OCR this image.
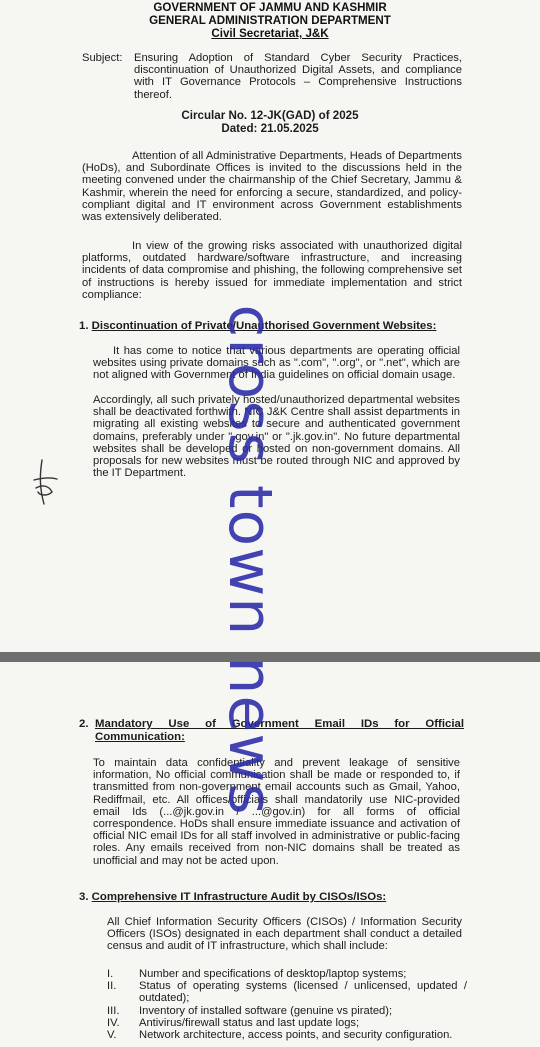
GOVERNMENT OF JAMMU AND KASHMIR
GENERAL ADMINISTRATION DEPARTMENT
Civil Secretariat, J&K
Subject: Ensuring Adoption of Standard Cyber Security Practices, discontinuation of Unauthorized Digital Assets, and compliance with IT Governance Protocols – Comprehensive Instructions thereof.
Circular No. 12-JK(GAD) of 2025
Dated: 21.05.2025
Attention of all Administrative Departments, Heads of Departments (HoDs), and Subordinate Offices is invited to the discussions held in the meeting convened under the chairmanship of the Chief Secretary, Jammu & Kashmir, wherein the need for enforcing a secure, standardized, and policy-compliant digital and IT environment across Government establishments was extensively deliberated.
In view of the growing risks associated with unauthorized digital platforms, outdated hardware/software infrastructure, and increasing incidents of data compromise and phishing, the following comprehensive set of instructions is hereby issued for immediate implementation and strict compliance:
1. Discontinuation of Private/Unauthorised Government Websites:
It has come to notice that various departments are operating official websites using private domains such as ".com", ".org", or ".net", which are not aligned with Government of India guidelines on official domain usage.
Accordingly, all such privately hosted/unauthorized departmental websites shall be deactivated forthwith. NIC J&K Centre shall assist departments in migrating all existing websites to secure and authenticated government domains, preferably under ".gov.in" or ".jk.gov.in". No future departmental websites shall be developed or hosted on non-government domains. All proposals for new websites must be routed through NIC and approved by the IT Department.
2. Mandatory Use of Government Email IDs for Official Communication:
To maintain data confidentiality and prevent leakage of sensitive information, No official communication shall be made or responded to, if transmitted from non-government email accounts such as Gmail, Yahoo, Rediffmail, etc. All offices/officials shall mandatorily use NIC-provided email Ids (...@jk.gov.in / ...@gov.in) for all forms of official correspondence. HoDs shall ensure immediate issuance and activation of official NIC email IDs for all staff involved in administrative or public-facing roles. Any emails received from non-NIC domains shall be treated as unofficial and may not be acted upon.
3. Comprehensive IT Infrastructure Audit by CISOs/ISOs:
All Chief Information Security Officers (CISOs) / Information Security Officers (ISOs) designated in each department shall conduct a detailed census and audit of IT infrastructure, which shall include:
I.	Number and specifications of desktop/laptop systems;
II.	Status of operating systems (licensed / unlicensed, updated / outdated);
III.	Inventory of installed software (genuine vs pirated);
IV.	Antivirus/firewall status and last update logs;
V.	Network architecture, access points, and security configuration.
cross town news
